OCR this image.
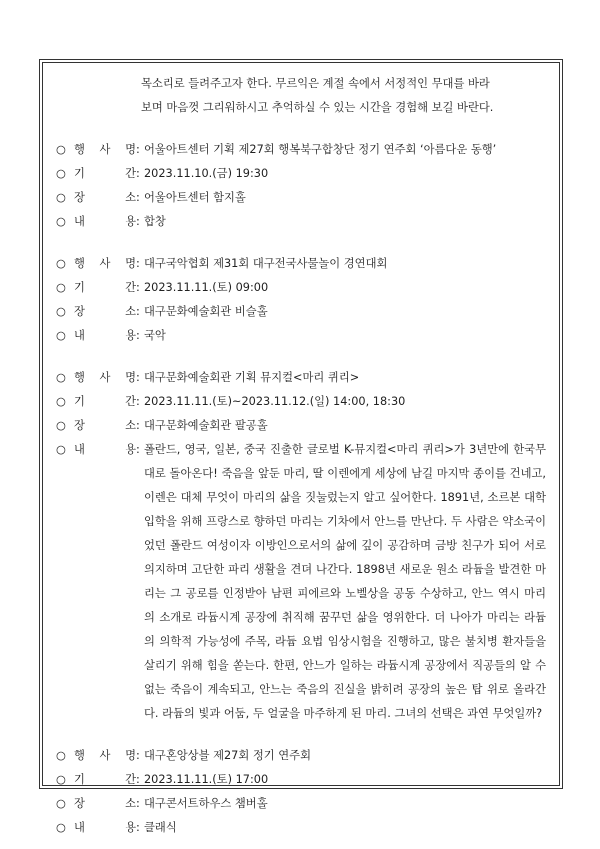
목소리로 들려주고자 한다. 무르익은 계절 속에서 서정적인 무대를 바라

보며 마음껏 그리워하시고 추억하실 수 있는 시간을 경험해 보길 바란다.

○ 행 사 명 : 어울아트센터 기획 제27회 행복북구합창단 정기 연주회 ‘아름다운 동행’
○ 기	간 : 2023.11.10.(금) 19:30
○ 장	소 : 어울아트센터 함지홀
○ 내	용 : 합창
○ 행 사 명 : 대구국악협회 제31회 대구전국사물놀이 경연대회
○ 기	간 : 2023.11.11.(토) 09:00
○ 장	소 : 대구문화예술회관 비슬홀
○ 내	용 : 국악
○ 행 사 명 : 대구문화예술회관 기획 뮤지컬<마리 퀴리>
○ 기	간 : 2023.11.11.(토)~2023.11.12.(일) 14:00, 18:30
○ 장	소 : 대구문화예술회관 팔공홀
○ 내	용 : 폴란드, 영국, 일본, 중국 진출한 글로벌 K-뮤지컬<마리 퀴리>가 3년만에 한국무대로 돌아온다! 죽음을 앞둔 마리, 딸 이렌에게 세상에 남길 마지막 종이를 건네고, 이렌은 대체 무엇이 마리의 삶을 짓눌렀는지 알고 싶어한다. 1891년, 소르본 대학 입학을 위해 프랑스로 향하던 마리는 기차에서 안느를 만난다. 두 사람은 약소국이었던 폴란드 여성이자 이방인으로서의 삶에 깊이 공감하며 금방 친구가 되어 서로 의지하며 고단한 파리 생활을 견뎌 나간다. 1898년 새로운 원소 라듐을 발견한 마리는 그 공로를 인정받아 남편 피에르와 노벨상을 공동 수상하고, 안느 역시 마리의 소개로 라듐시계 공장에 취직해 꿈꾸던 삶을 영위한다. 더 나아가 마리는 라듐의 의학적 가능성에 주목, 라듐 요법 임상시험을 진행하고, 많은 불치병 환자들을 살리기 위해 힘을 쏟는다. 한편, 안느가 일하는 라듐시계 공장에서 직공들의 알 수 없는 죽음이 계속되고, 안느는 죽음의 진실을 밝히려 공장의 높은 탑 위로 올라간다. 라듐의 빛과 어둠, 두 얼굴을 마주하게 된 마리. 그녀의 선택은 과연 무엇일까?
○ 행 사 명 : 대구혼앙상블 제27회 정기 연주회
○ 기	간 : 2023.11.11.(토) 17:00
○ 장	소 : 대구콘서트하우스 챔버홀
○ 내	용 : 클래식
